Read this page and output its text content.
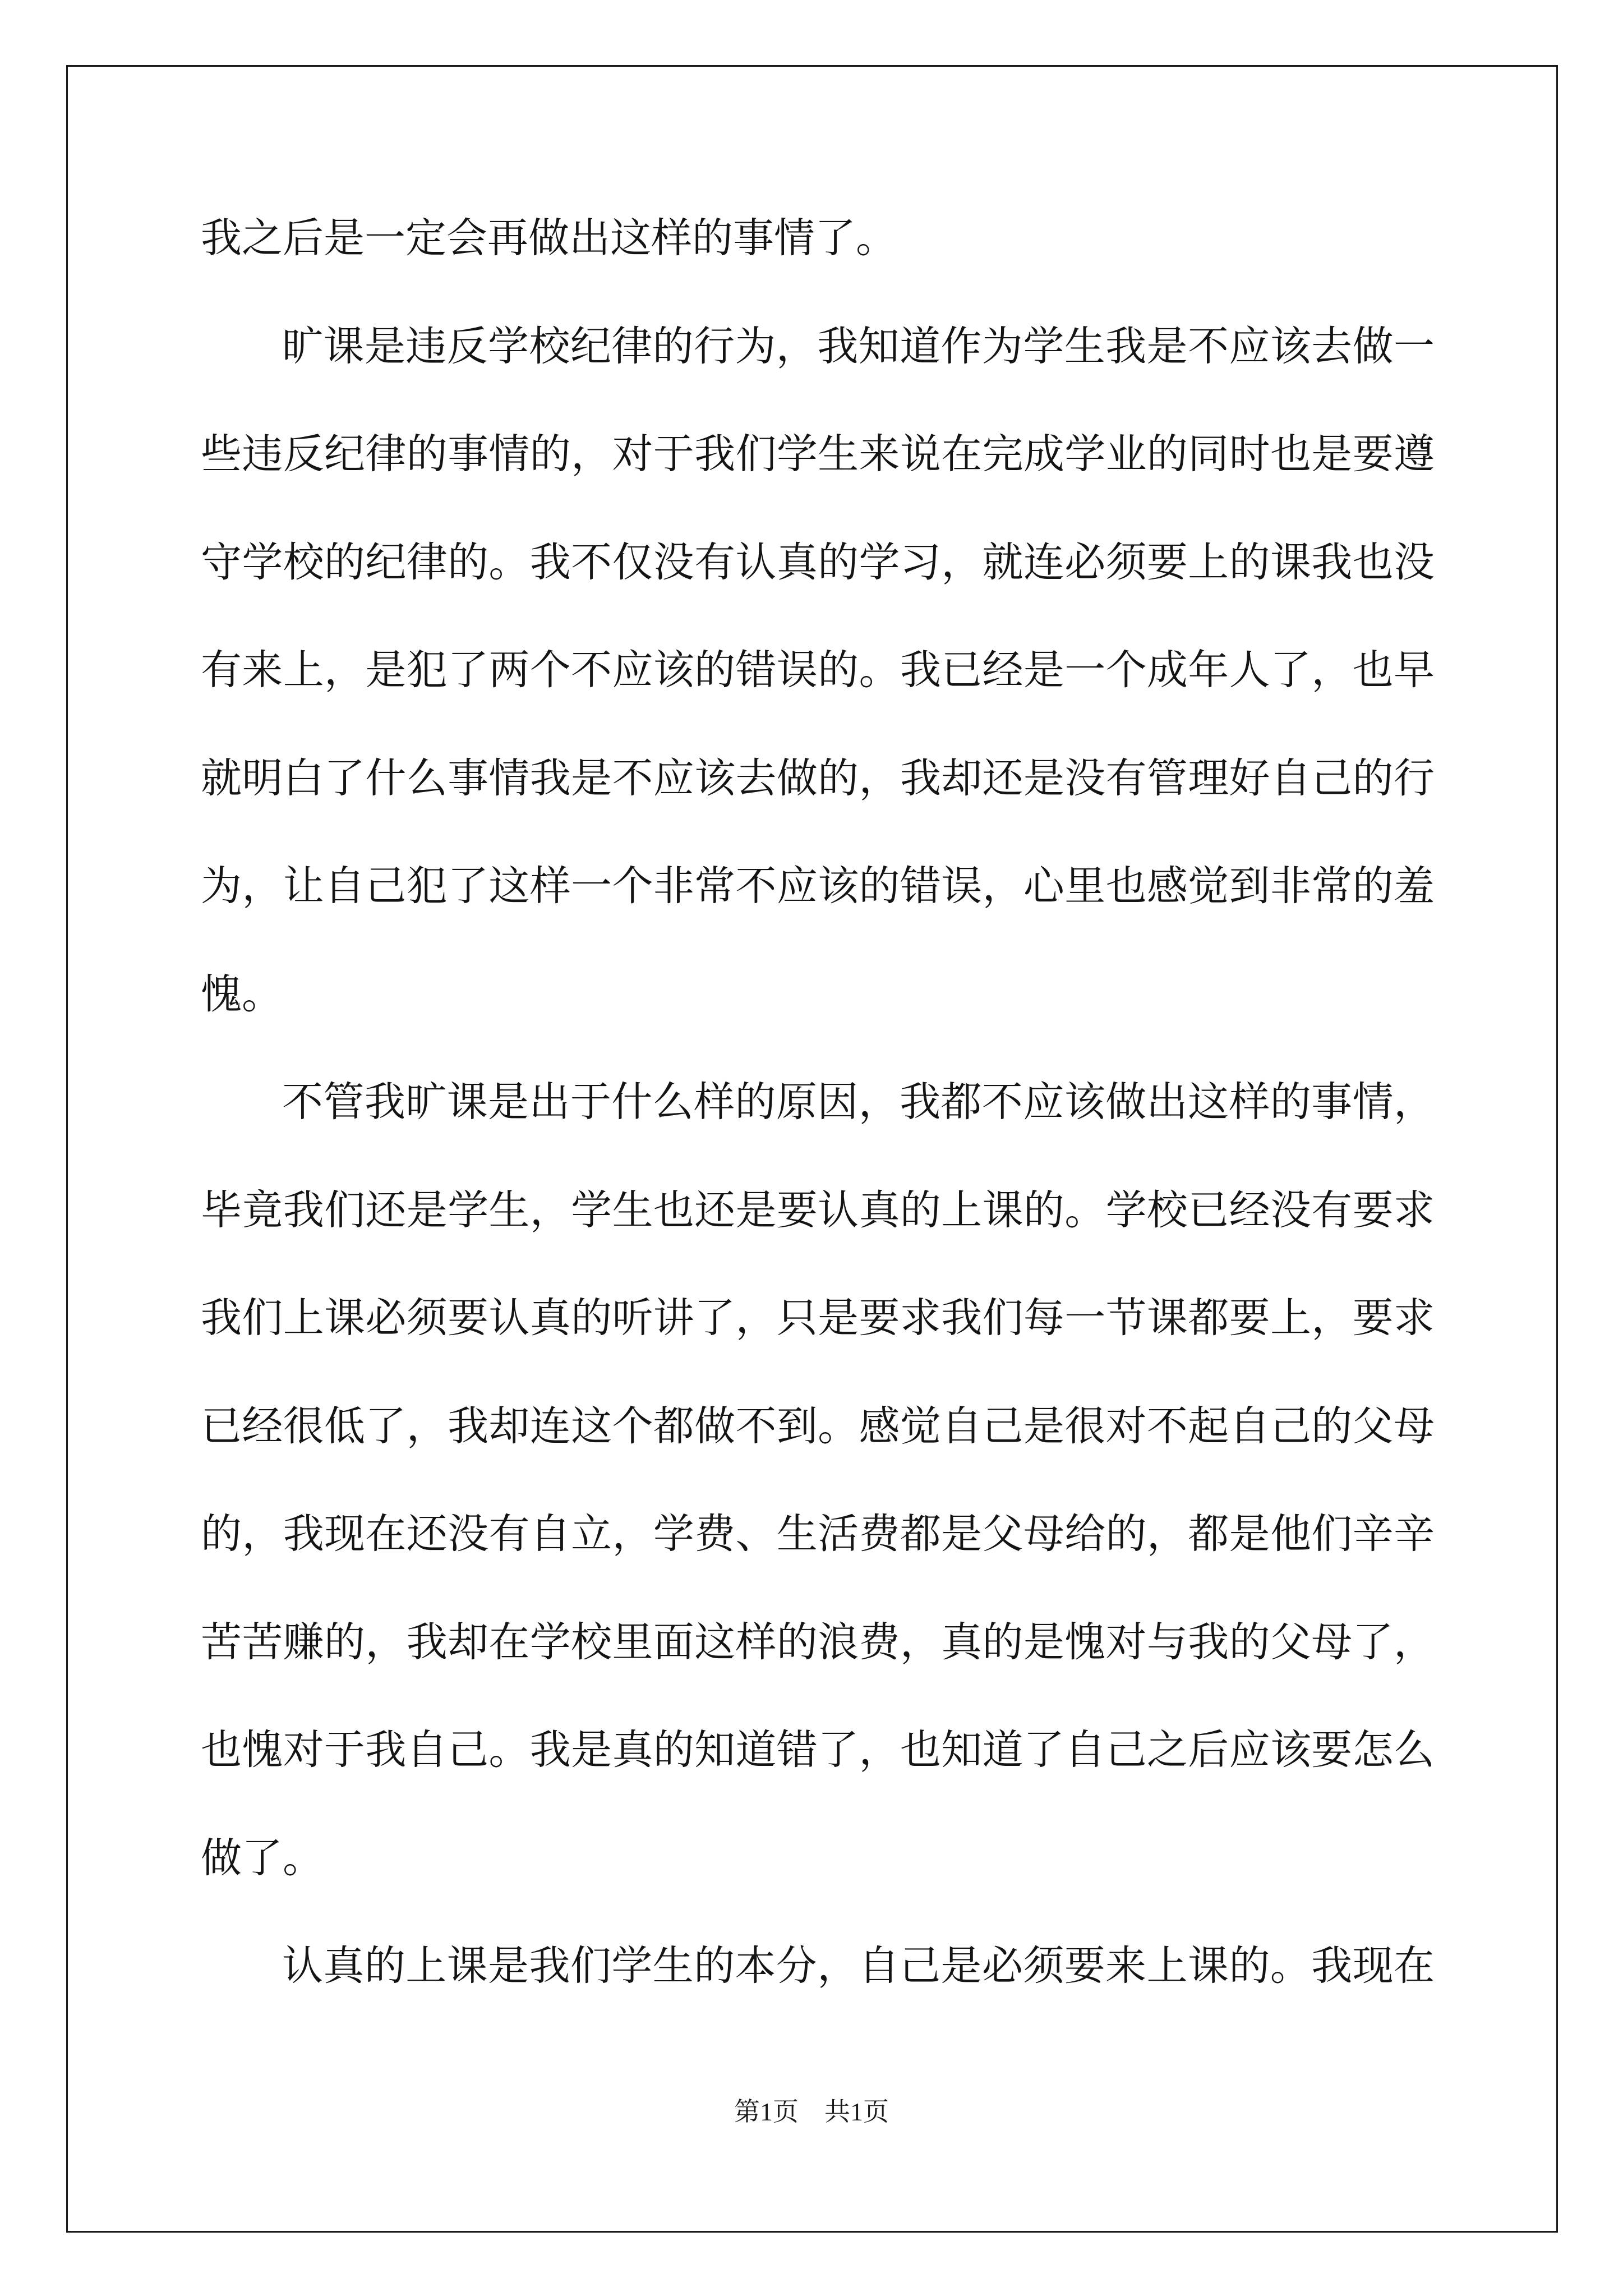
我之后是一定会再做出这样的事情了。
旷课是违反学校纪律的行为，我知道作为学生我是不应该去做一
些违反纪律的事情的，对于我们学生来说在完成学业的同时也是要遵
守学校的纪律的。我不仅没有认真的学习，就连必须要上的课我也没
有来上，是犯了两个不应该的错误的。我已经是一个成年人了，也早
就明白了什么事情我是不应该去做的，我却还是没有管理好自己的行
为，让自己犯了这样一个非常不应该的错误，心里也感觉到非常的羞
愧。
不管我旷课是出于什么样的原因，我都不应该做出这样的事情，
毕竟我们还是学生，学生也还是要认真的上课的。学校已经没有要求
我们上课必须要认真的听讲了，只是要求我们每一节课都要上，要求
已经很低了，我却连这个都做不到。感觉自己是很对不起自己的父母
的，我现在还没有自立，学费、生活费都是父母给的，都是他们辛辛
苦苦赚的，我却在学校里面这样的浪费，真的是愧对与我的父母了，
也愧对于我自己。我是真的知道错了，也知道了自己之后应该要怎么
做了。
认真的上课是我们学生的本分，自己是必须要来上课的。我现在
第1页　共1页
